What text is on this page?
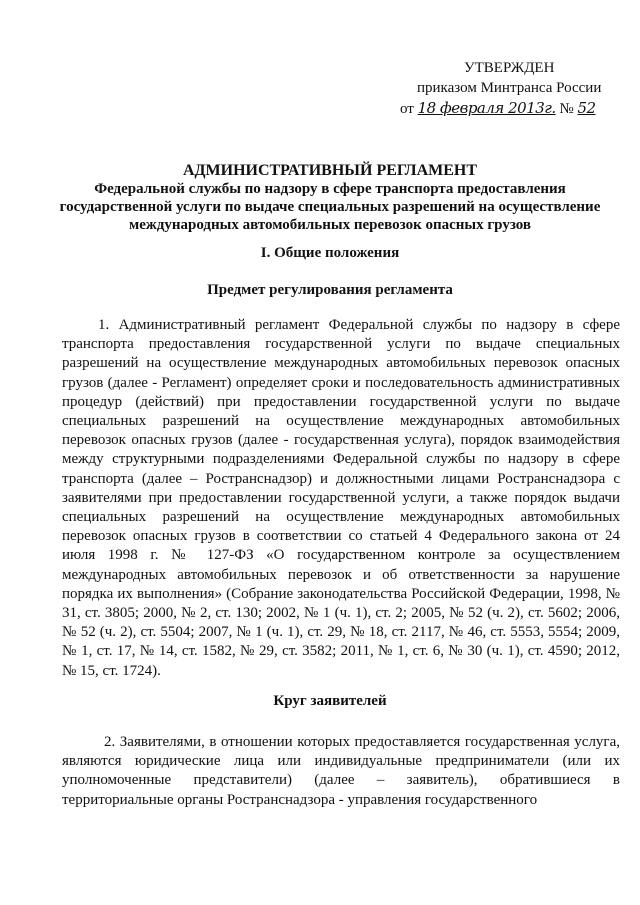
УТВЕРЖДЕН
приказом Минтранса России
от 18 февраля 2013г. № 52
АДМИНИСТРАТИВНЫЙ РЕГЛАМЕНТ
Федеральной службы по надзору в сфере транспорта предоставления
государственной услуги по выдаче специальных разрешений на осуществление
международных автомобильных перевозок опасных грузов
I. Общие положения
Предмет регулирования регламента

1. Административный регламент Федеральной службы по надзору в сфере транспорта предоставления государственной услуги по выдаче специальных разрешений на осуществление международных автомобильных перевозок опасных грузов (далее - Регламент) определяет сроки и последовательность административных процедур (действий) при предоставлении государственной услуги по выдаче специальных разрешений на осуществление международных автомобильных перевозок опасных грузов (далее - государственная услуга), порядок взаимодействия между структурными подразделениями Федеральной службы по надзору в сфере транспорта (далее – Ространснадзор) и должностными лицами Ространснадзора с заявителями при предоставлении государственной услуги, а также порядок выдачи специальных разрешений на осуществление международных автомобильных перевозок опасных грузов в соответствии со статьей 4 Федерального закона от 24 июля 1998 г. № 127-ФЗ «О государственном контроле за осуществлением международных автомобильных перевозок и об ответственности за нарушение порядка их выполнения» (Собрание законодательства Российской Федерации, 1998, № 31, ст. 3805; 2000, № 2, ст. 130; 2002, № 1 (ч. 1), ст. 2; 2005, № 52 (ч. 2), ст. 5602; 2006, № 52 (ч. 2), ст. 5504; 2007, № 1 (ч. 1), ст. 29, № 18, ст. 2117, № 46, ст. 5553, 5554; 2009, № 1, ст. 17, № 14, ст. 1582, № 29, ст. 3582; 2011, № 1, ст. 6, № 30 (ч. 1), ст. 4590; 2012, № 15, ст. 1724).

Круг заявителей

2. Заявителями, в отношении которых предоставляется государственная услуга, являются юридические лица или индивидуальные предприниматели (или их уполномоченные представители) (далее – заявитель), обратившиеся в территориальные органы Ространснадзора - управления государственного
